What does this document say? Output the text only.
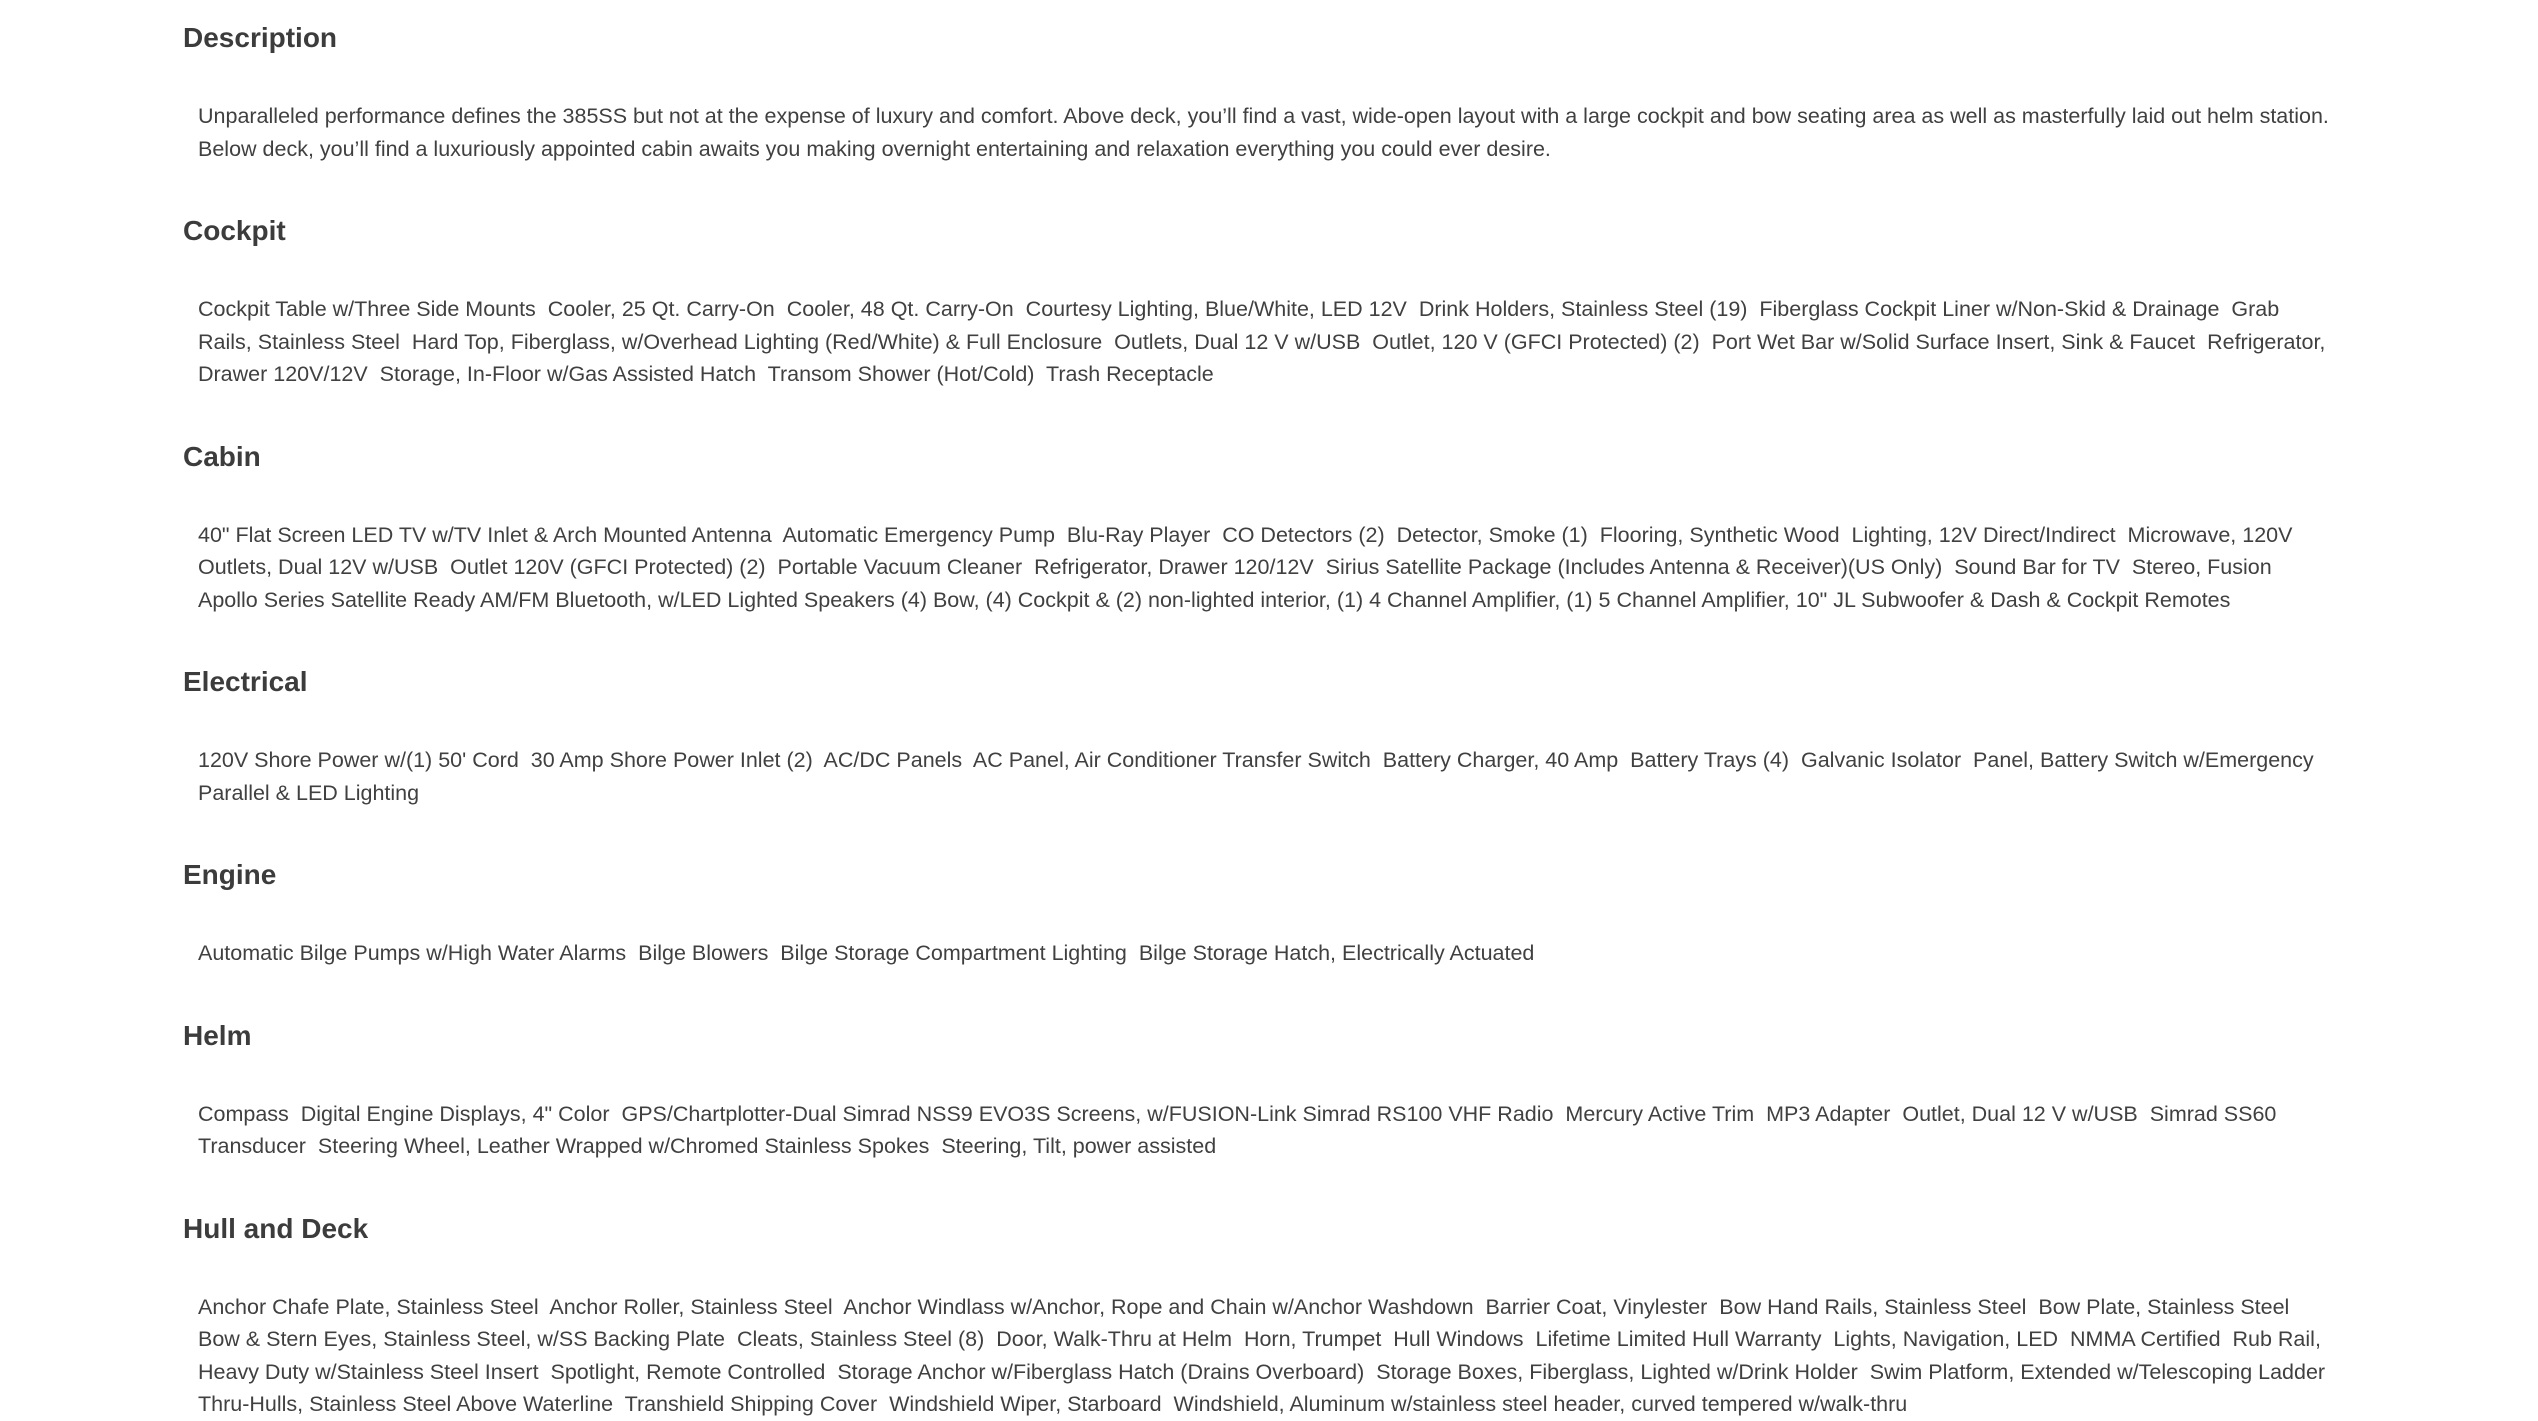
Description

Unparalleled performance defines the 385SS but not at the expense of luxury and comfort. Above deck, you’ll find a vast, wide-open layout with a large cockpit and bow seating area as well as masterfully laid out helm station. Below deck, you’ll find a luxuriously appointed cabin awaits you making overnight entertaining and relaxation everything you could ever desire.

Cockpit

Cockpit Table w/Three Side Mounts  Cooler, 25 Qt. Carry-On  Cooler, 48 Qt. Carry-On  Courtesy Lighting, Blue/White, LED 12V  Drink Holders, Stainless Steel (19)  Fiberglass Cockpit Liner w/Non-Skid & Drainage  Grab Rails, Stainless Steel  Hard Top, Fiberglass, w/Overhead Lighting (Red/White) & Full Enclosure  Outlets, Dual 12 V w/USB  Outlet, 120 V (GFCI Protected) (2)  Port Wet Bar w/Solid Surface Insert, Sink & Faucet  Refrigerator, Drawer 120V/12V  Storage, In-Floor w/Gas Assisted Hatch  Transom Shower (Hot/Cold)  Trash Receptacle

Cabin

40" Flat Screen LED TV w/TV Inlet & Arch Mounted Antenna  Automatic Emergency Pump  Blu-Ray Player  CO Detectors (2)  Detector, Smoke (1)  Flooring, Synthetic Wood  Lighting, 12V Direct/Indirect  Microwave, 120V Outlets, Dual 12V w/USB  Outlet 120V (GFCI Protected) (2)  Portable Vacuum Cleaner  Refrigerator, Drawer 120/12V  Sirius Satellite Package (Includes Antenna & Receiver)(US Only)  Sound Bar for TV  Stereo, Fusion Apollo Series Satellite Ready AM/FM Bluetooth, w/LED Lighted Speakers (4) Bow, (4) Cockpit & (2) non-lighted interior, (1) 4 Channel Amplifier, (1) 5 Channel Amplifier, 10" JL Subwoofer & Dash & Cockpit Remotes

Electrical

120V Shore Power w/(1) 50' Cord  30 Amp Shore Power Inlet (2)  AC/DC Panels  AC Panel, Air Conditioner Transfer Switch  Battery Charger, 40 Amp  Battery Trays (4)  Galvanic Isolator  Panel, Battery Switch w/Emergency Parallel & LED Lighting

Engine

Automatic Bilge Pumps w/High Water Alarms  Bilge Blowers  Bilge Storage Compartment Lighting  Bilge Storage Hatch, Electrically Actuated

Helm

Compass  Digital Engine Displays, 4" Color  GPS/Chartplotter-Dual Simrad NSS9 EVO3S Screens, w/FUSION-Link Simrad RS100 VHF Radio  Mercury Active Trim  MP3 Adapter  Outlet, Dual 12 V w/USB  Simrad SS60 Transducer  Steering Wheel, Leather Wrapped w/Chromed Stainless Spokes  Steering, Tilt, power assisted

Hull and Deck

Anchor Chafe Plate, Stainless Steel  Anchor Roller, Stainless Steel  Anchor Windlass w/Anchor, Rope and Chain w/Anchor Washdown  Barrier Coat, Vinylester  Bow Hand Rails, Stainless Steel  Bow Plate, Stainless Steel  Bow & Stern Eyes, Stainless Steel, w/SS Backing Plate  Cleats, Stainless Steel (8)  Door, Walk-Thru at Helm  Horn, Trumpet  Hull Windows  Lifetime Limited Hull Warranty  Lights, Navigation, LED  NMMA Certified  Rub Rail, Heavy Duty w/Stainless Steel Insert  Spotlight, Remote Controlled  Storage Anchor w/Fiberglass Hatch (Drains Overboard)  Storage Boxes, Fiberglass, Lighted w/Drink Holder  Swim Platform, Extended w/Telescoping Ladder  Thru-Hulls, Stainless Steel Above Waterline  Transhield Shipping Cover  Windshield Wiper, Starboard  Windshield, Aluminum w/stainless steel header, curved tempered w/walk-thru
